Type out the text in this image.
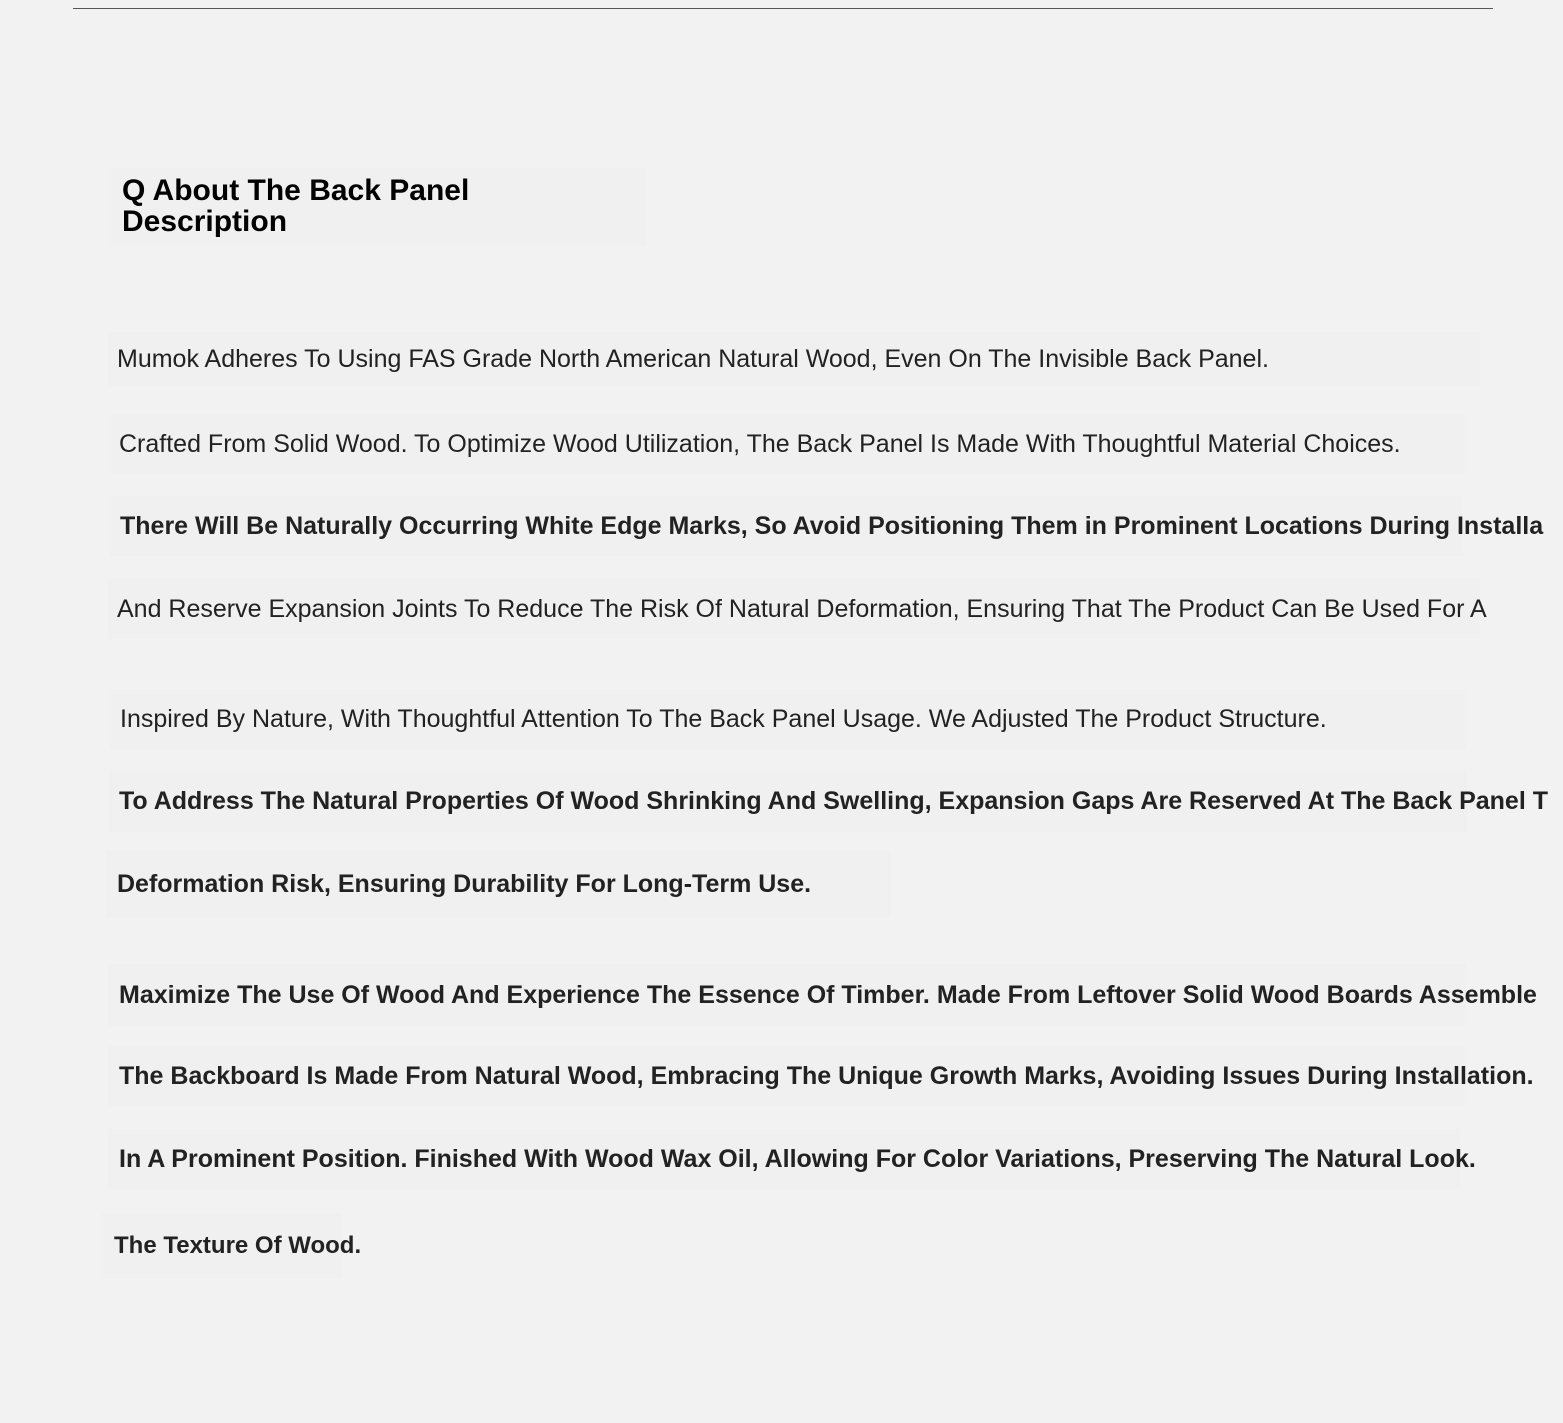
Q About The Back Panel
Description
Mumok Adheres To Using FAS Grade North American Natural Wood, Even On The Invisible Back Panel.
Crafted From Solid Wood. To Optimize Wood Utilization, The Back Panel Is Made With Thoughtful Material Choices.
There Will Be Naturally Occurring White Edge Marks, So Avoid Positioning Them in Prominent Locations During Installa
And Reserve Expansion Joints To Reduce The Risk Of Natural Deformation, Ensuring That The Product Can Be Used For A
Inspired By Nature, With Thoughtful Attention To The Back Panel Usage. We Adjusted The Product Structure.
To Address The Natural Properties Of Wood Shrinking And Swelling, Expansion Gaps Are Reserved At The Back Panel T
Deformation Risk, Ensuring Durability For Long-Term Use.
Maximize The Use Of Wood And Experience The Essence Of Timber. Made From Leftover Solid Wood Boards Assemble
The Backboard Is Made From Natural Wood, Embracing The Unique Growth Marks, Avoiding Issues During Installation.
In A Prominent Position. Finished With Wood Wax Oil, Allowing For Color Variations, Preserving The Natural Look.
The Texture Of Wood.
